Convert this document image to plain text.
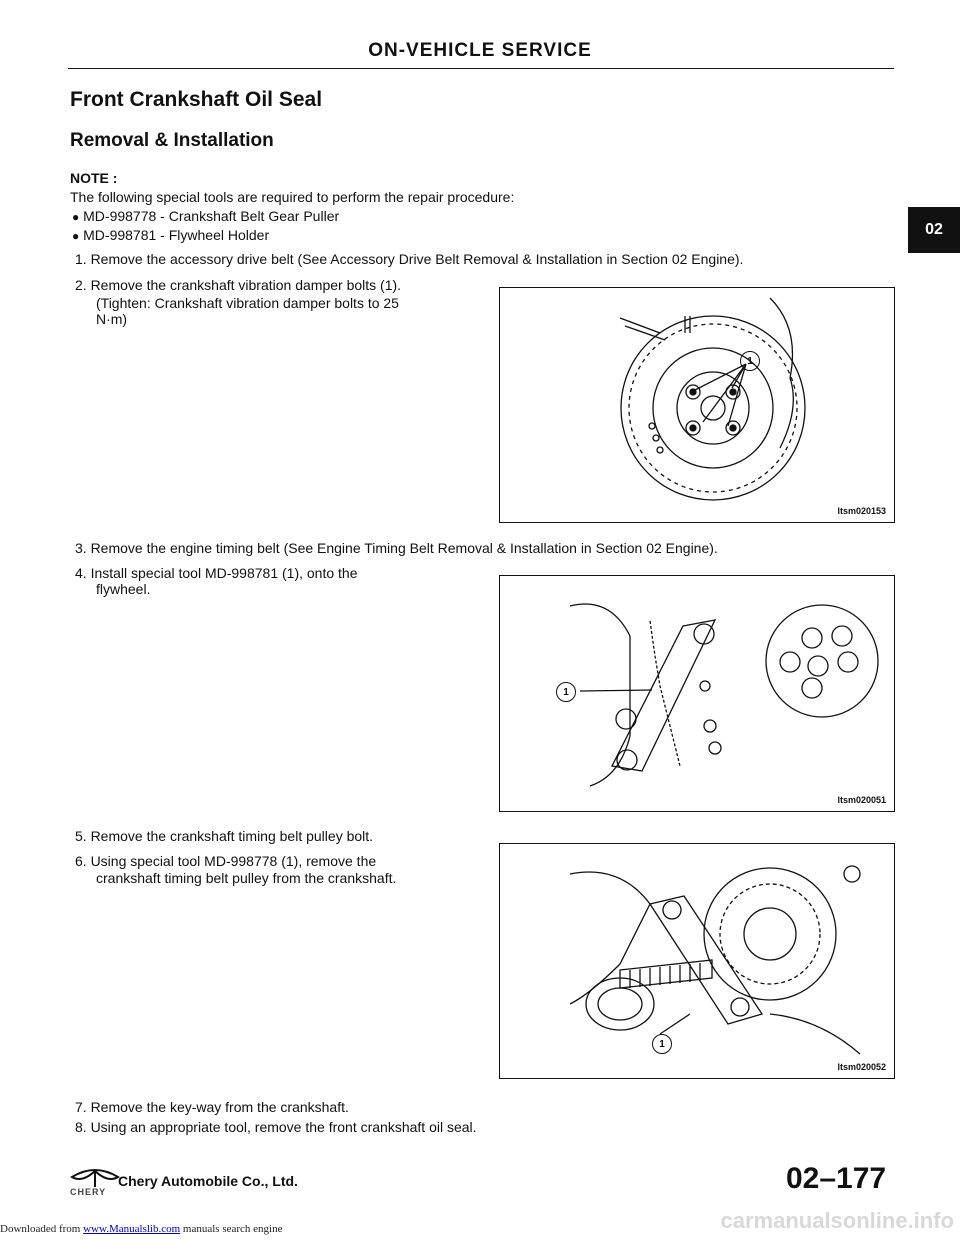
ON-VEHICLE SERVICE
02
Front Crankshaft Oil Seal
Removal & Installation
NOTE :
The following special tools are required to perform the repair procedure:
● MD-998778 - Crankshaft Belt Gear Puller
● MD-998781 - Flywheel Holder
1. Remove the accessory drive belt (See Accessory Drive Belt Removal & Installation in Section 02 Engine).
2. Remove the crankshaft vibration damper bolts (1).
(Tighten: Crankshaft vibration damper bolts to 25
N·m)
3. Remove the engine timing belt (See Engine Timing Belt Removal & Installation in Section 02 Engine).
4. Install special tool MD-998781 (1), onto the
flywheel.
5. Remove the crankshaft timing belt pulley bolt.
6. Using special tool MD-998778 (1), remove the
crankshaft timing belt pulley from the crankshaft.
7. Remove the key-way from the crankshaft.
8. Using an appropriate tool, remove the front crankshaft oil seal.
1
ltsm020153
1
ltsm020051
1
ltsm020052
CHERY
Chery Automobile Co., Ltd.	02–177
carmanualsonline.info
Downloaded from www.Manualslib.com manuals search engine
